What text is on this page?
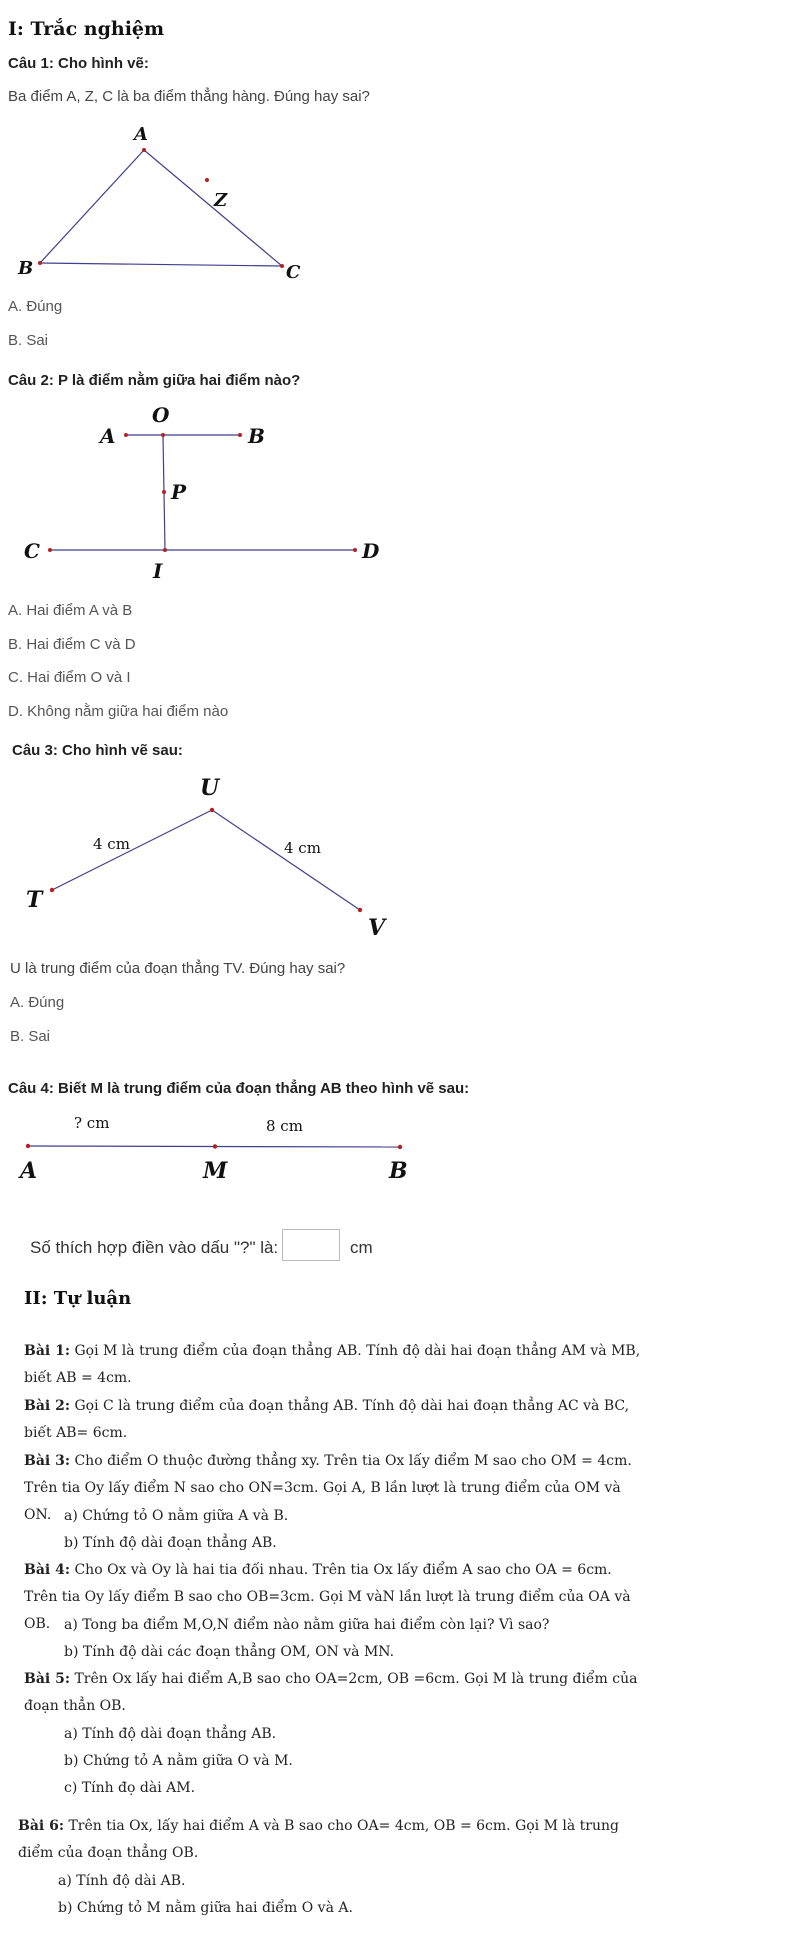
I: Trắc nghiệm
Câu 1: Cho hình vẽ:
Ba điểm A, Z, C là ba điểm thẳng hàng. Đúng hay sai?
A
Z
B	C
A. Đúng
B. Sai
Câu 2: P là điểm nằm giữa hai điểm nào?
O
A	B
P
C	D
I
A. Hai điểm A và B
B. Hai điểm C và D
C. Hai điểm O và I
D. Không nằm giữa hai điểm nào
Câu 3: Cho hình vẽ sau:
U
T
V
4 cm	4 cm
U là trung điểm của đoạn thẳng TV. Đúng hay sai?
A. Đúng
B. Sai
Câu 4: Biết M là trung điểm của đoạn thẳng AB theo hình vẽ sau:
? cm	8 cm
A	M	B
Số thích hợp điền vào dấu "?" là:	cm
II: Tự luận
Bài 1: Gọi M là trung điểm của đoạn thẳng AB. Tính độ dài hai đoạn thẳng AM và MB, biết AB = 4cm.
Bài 2: Gọi C là trung điểm của đoạn thẳng AB. Tính độ dài hai đoạn thẳng AC và BC, biết AB= 6cm.
Bài 3: Cho điểm O thuộc đường thẳng xy. Trên tia Ox lấy điểm M sao cho OM = 4cm. Trên tia Oy lấy điểm N sao cho ON=3cm. Gọi A, B lần lượt là trung điểm của OM và ON. a) Chứng tỏ O nằm giữa A và B.
b) Tính độ dài đoạn thẳng AB.
Bài 4: Cho Ox và Oy là hai tia đối nhau. Trên tia Ox lấy điểm A sao cho OA = 6cm. Trên tia Oy lấy điểm B sao cho OB=3cm. Gọi M vàN lần lượt là trung điểm của OA và OB. a) Tong ba điểm M,O,N điểm nào nằm giữa hai điểm còn lại? Vì sao?
b) Tính độ dài các đoạn thẳng OM, ON và MN.
Bài 5: Trên Ox lấy hai điểm A,B sao cho OA=2cm, OB =6cm. Gọi M là trung điểm của đoạn thẳn OB.
a) Tính độ dài đoạn thẳng AB.
b) Chứng tỏ A nằm giữa O và M.
c) Tính đọ dài AM.
Bài 6: Trên tia Ox, lấy hai điểm A và B sao cho OA= 4cm, OB = 6cm. Gọi M là trung điểm của đoạn thẳng OB.
a) Tính độ dài AB.
b) Chứng tỏ M nằm giữa hai điểm O và A.
